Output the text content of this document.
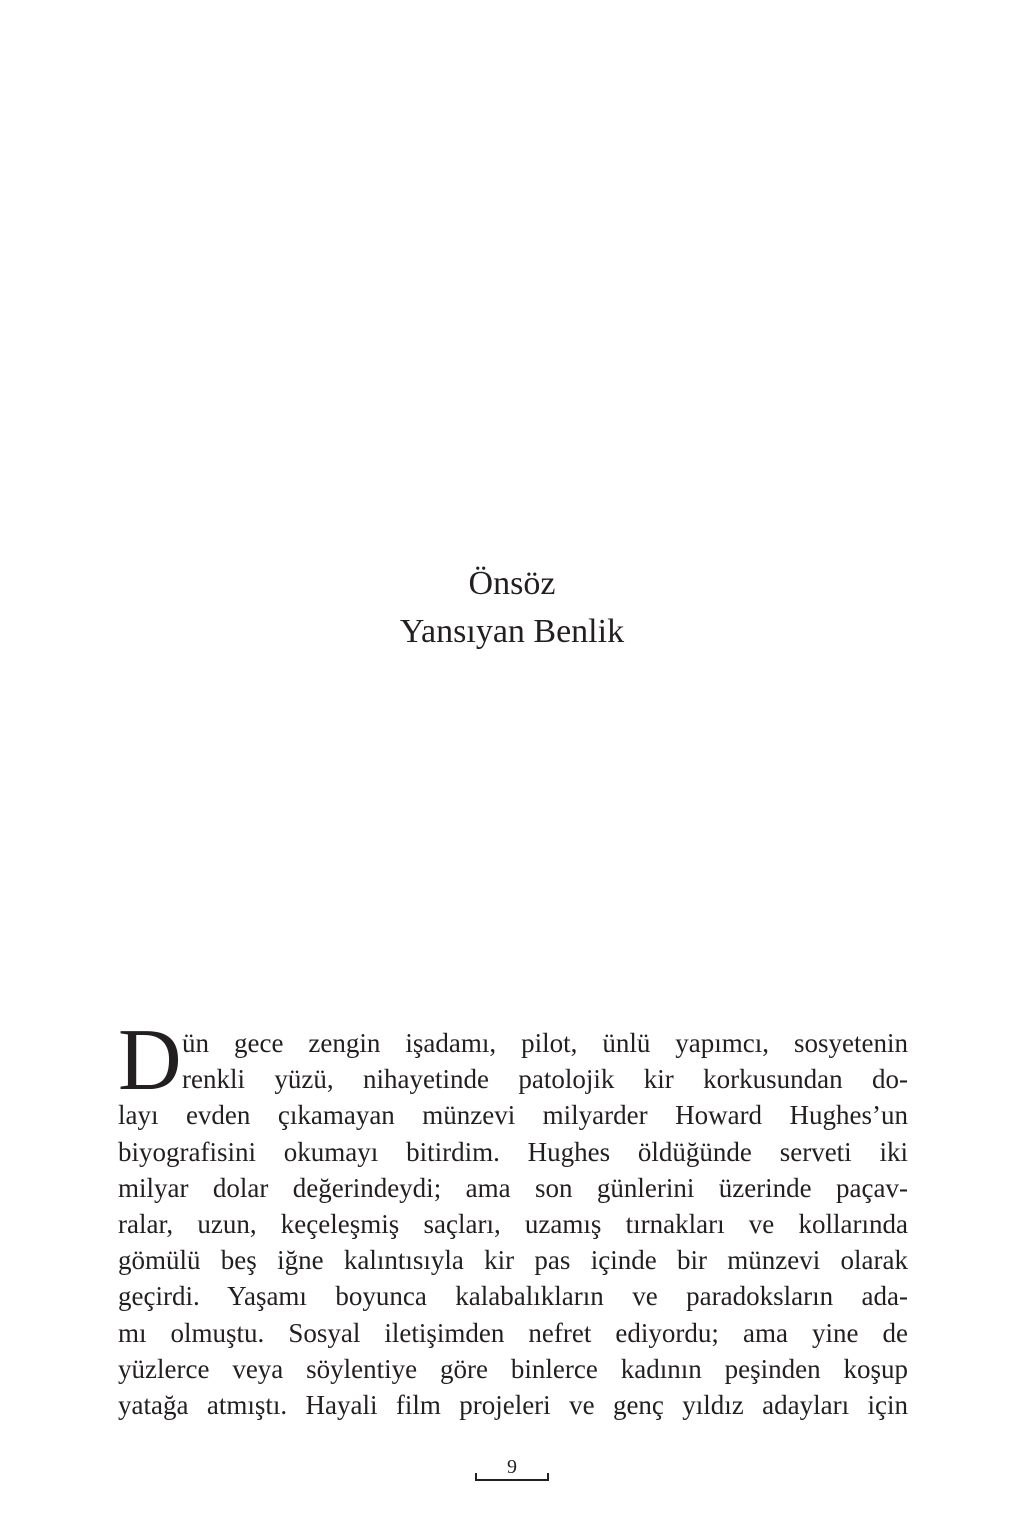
Önsöz
Yansıyan Benlik
D ün gece zengin işadamı, pilot, ünlü yapımcı, sosyetenin
renkli yüzü, nihayetinde patolojik kir korkusundan do-
layı evden çıkamayan münzevi milyarder Howard Hughes’un
biyografisini okumayı bitirdim. Hughes öldüğünde serveti iki
milyar dolar değerindeydi; ama son günlerini üzerinde paçav-
ralar, uzun, keçeleşmiş saçları, uzamış tırnakları ve kollarında
gömülü beş iğne kalıntısıyla kir pas içinde bir münzevi olarak
geçirdi. Yaşamı boyunca kalabalıkların ve paradoksların ada-
mı olmuştu. Sosyal iletişimden nefret ediyordu; ama yine de
yüzlerce veya söylentiye göre binlerce kadının peşinden koşup
yatağa atmıştı. Hayali film projeleri ve genç yıldız adayları için
9
